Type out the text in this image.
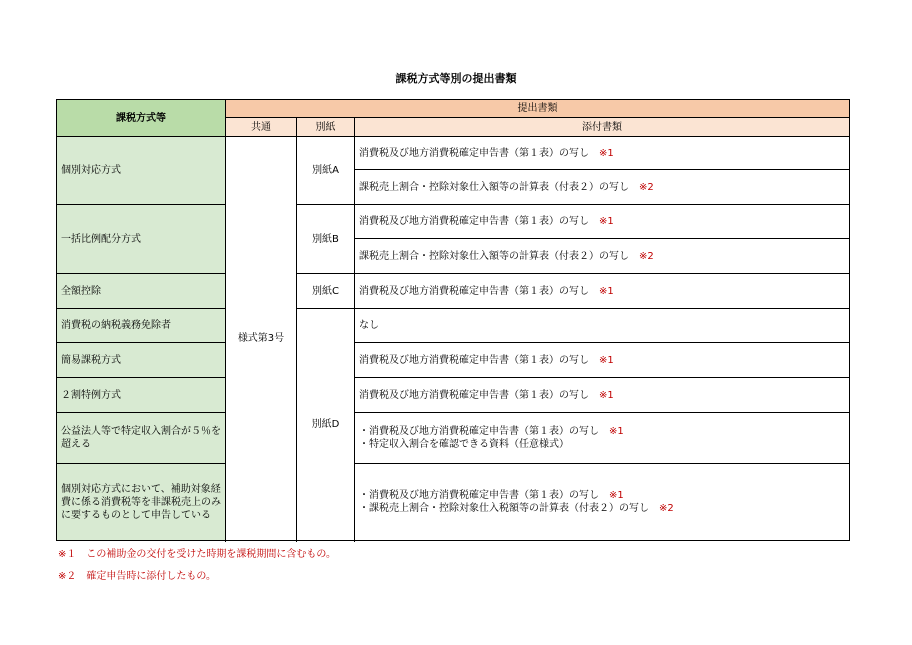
課税方式等別の提出書類
課税方式等	提出書類		
	共通	別紙	添付書類
個別対応方式	様式第3号	別紙A	消費税及び地方消費税確定申告書（第１表）の写し　 ※1
			課税売上割合・控除対象仕入額等の計算表（付表２）の写し　 ※2
一括比例配分方式		別紙B	消費税及び地方消費税確定申告書（第１表）の写し　 ※1
			課税売上割合・控除対象仕入額等の計算表（付表２）の写し　 ※2
全額控除		別紙C	消費税及び地方消費税確定申告書（第１表）の写し　 ※1
消費税の納税義務免除者		別紙D	なし
簡易課税方式			消費税及び地方消費税確定申告書（第１表）の写し　 ※1
２割特例方式			消費税及び地方消費税確定申告書（第１表）の写し　 ※1
公益法人等で特定収入割合が５％を超える			・消費税及び地方消費税確定申告書（第１表）の写し　 ※1
・特定収入割合を確認できる資料（任意様式）

個別対応方式において、補助対象経費に係る消費税等を非課税売上のみに要するものとして申告している			・消費税及び地方消費税確定申告書（第１表）の写し　 ※1
・課税売上割合・控除対象仕入税額等の計算表（付表２）の写し　 ※2

※１　この補助金の交付を受けた時期を課税期間に含むもの。
※２　確定申告時に添付したもの。
